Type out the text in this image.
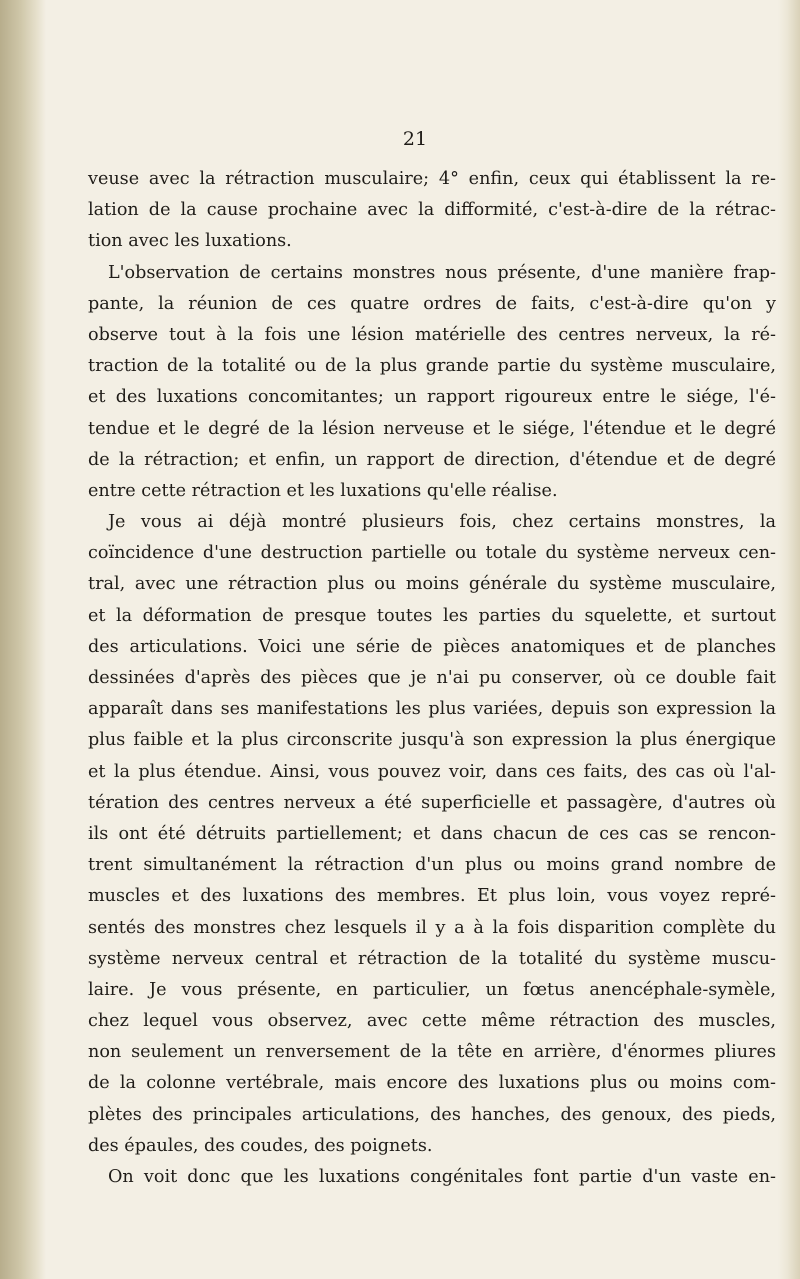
21
veuse avec la rétraction musculaire; 4° enfin, ceux qui établissent la re-
lation de la cause prochaine avec la difformité, c'est-à-dire de la rétrac-
tion avec les luxations.
L'observation de certains monstres nous présente, d'une manière frap-
pante, la réunion de ces quatre ordres de faits, c'est-à-dire qu'on y
observe tout à la fois une lésion matérielle des centres nerveux, la ré-
traction de la totalité ou de la plus grande partie du système musculaire,
et des luxations concomitantes; un rapport rigoureux entre le siége, l'é-
tendue et le degré de la lésion nerveuse et le siége, l'étendue et le degré
de la rétraction; et enfin, un rapport de direction, d'étendue et de degré
entre cette rétraction et les luxations qu'elle réalise.
Je vous ai déjà montré plusieurs fois, chez certains monstres, la
coïncidence d'une destruction partielle ou totale du système nerveux cen-
tral, avec une rétraction plus ou moins générale du système musculaire,
et la déformation de presque toutes les parties du squelette, et surtout
des articulations. Voici une série de pièces anatomiques et de planches
dessinées d'après des pièces que je n'ai pu conserver, où ce double fait
apparaît dans ses manifestations les plus variées, depuis son expression la
plus faible et la plus circonscrite jusqu'à son expression la plus énergique
et la plus étendue. Ainsi, vous pouvez voir, dans ces faits, des cas où l'al-
tération des centres nerveux a été superficielle et passagère, d'autres où
ils ont été détruits partiellement; et dans chacun de ces cas se rencon-
trent simultanément la rétraction d'un plus ou moins grand nombre de
muscles et des luxations des membres. Et plus loin, vous voyez repré-
sentés des monstres chez lesquels il y a à la fois disparition complète du
système nerveux central et rétraction de la totalité du système muscu-
laire. Je vous présente, en particulier, un fœtus anencéphale-symèle,
chez lequel vous observez, avec cette même rétraction des muscles,
non seulement un renversement de la tête en arrière, d'énormes pliures
de la colonne vertébrale, mais encore des luxations plus ou moins com-
plètes des principales articulations, des hanches, des genoux, des pieds,
des épaules, des coudes, des poignets.
On voit donc que les luxations congénitales font partie d'un vaste en-
